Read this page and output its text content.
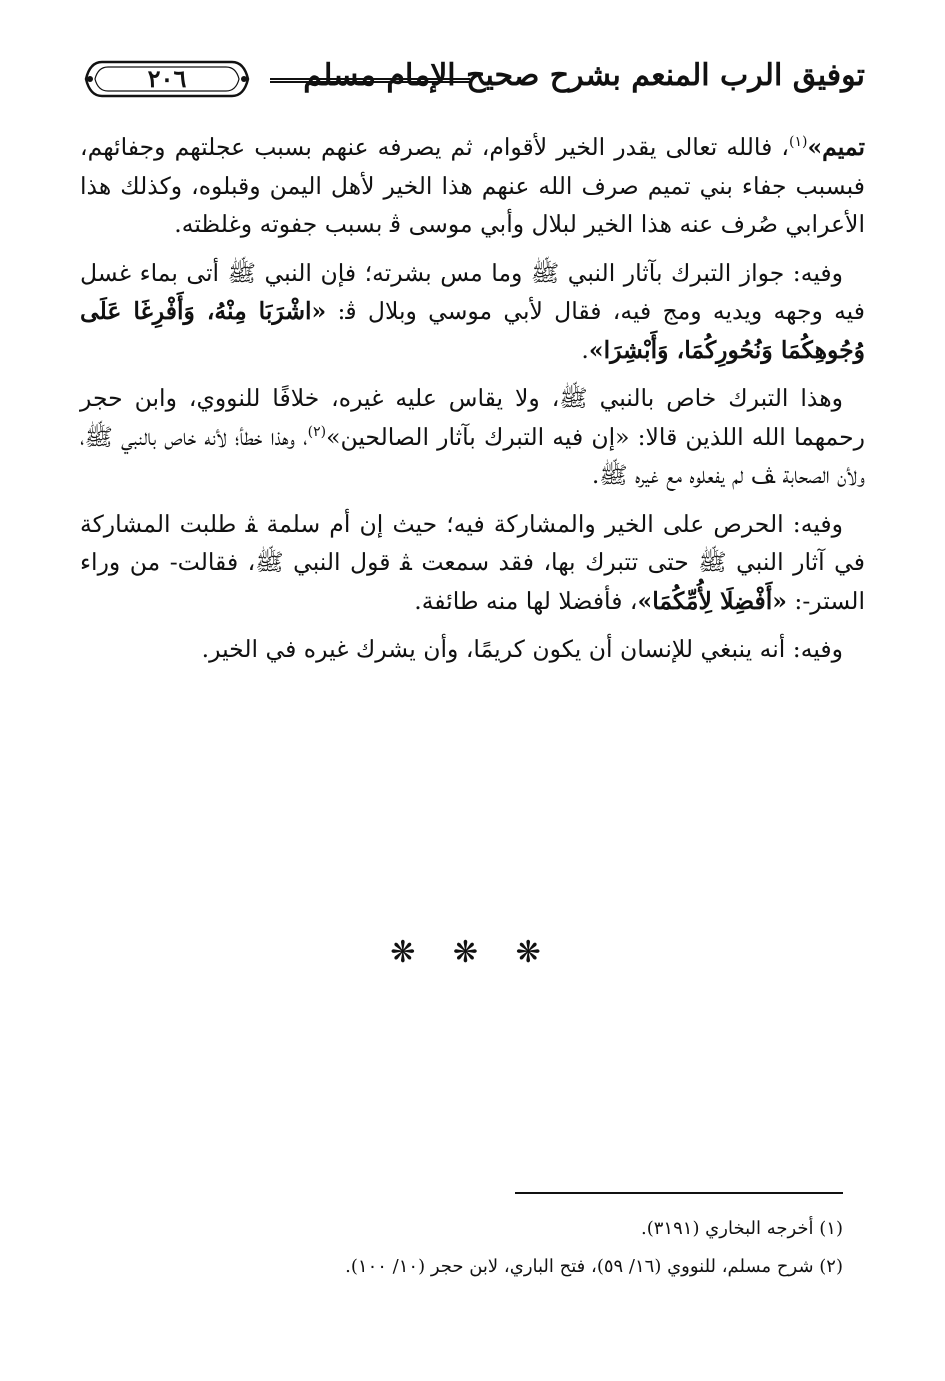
توفيق الرب المنعم بشرح صحيح الإمام مسلم
٢٠٦

تميم»$^{(١)}$، فالله تعالى يقدر الخير لأقوام، ثم يصرفه عنهم بسبب عجلتهم وجفائهم، فبسبب جفاء بني تميم صرف الله عنهم هذا الخير لأهل اليمن وقبلوه، وكذلك هذا الأعرابي صُرف عنه هذا الخير لبلال وأبي موسى ﭬ بسبب جفوته وغلظته.

وفيه: جواز التبرك بآثار النبي ﷺ وما مس بشرته؛ فإن النبي ﷺ أتى بماء غسل فيه وجهه ويديه ومج فيه، فقال لأبي موسي وبلال ﭬ: «اشْرَبَا مِنْهُ، وَأَفْرِغَا عَلَى وُجُوهِكُمَا وَنُحُورِكُمَا، وَأَبْشِرَا».

وهذا التبرك خاص بالنبي ﷺ، ولا يقاس عليه غيره، خلافًا للنووي، وابن حجر رحمهما الله اللذين قالا: «إن فيه التبرك بآثار الصالحين»$^{(٢)}$، وهذا خطأ؛ لأنه خاص بالنبي ﷺ، ولأن الصحابة ﭫ لم يفعلوه مع غيره ﷺ.

وفيه: الحرص على الخير والمشاركة فيه؛ حيث إن أم سلمة ﭭ طلبت المشاركة في آثار النبي ﷺ حتى تتبرك بها، فقد سمعت ﭭ قول النبي ﷺ، فقالت- من وراء الستر-: «أَفْضِلَا لِأُمِّكُمَا»، فأفضلا لها منه طائفة.

وفيه: أنه ينبغي للإنسان أن يكون كريمًا، وأن يشرك غيره في الخير.

❋ ❋ ❋
(١) أخرجه البخاري (٣١٩١).
(٢) شرح مسلم، للنووي (١٦/ ٥٩)، فتح الباري، لابن حجر (١٠/ ١٠٠).
